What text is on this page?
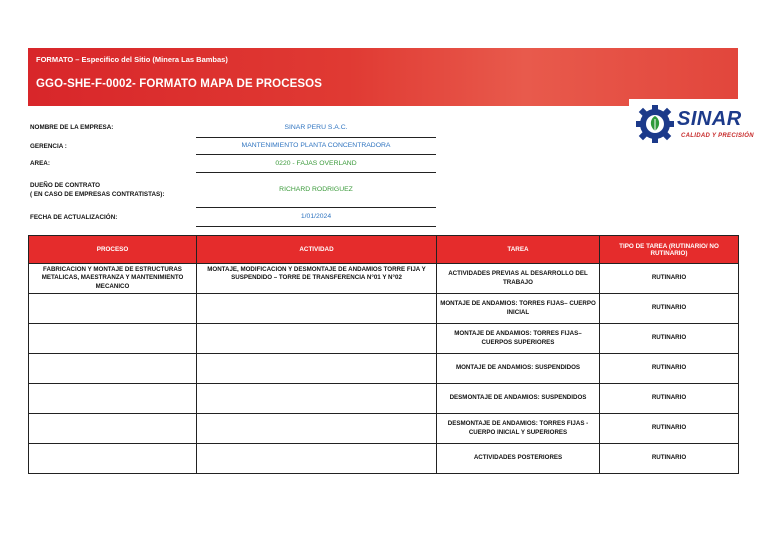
FORMATO – Especifico del Sitio (Minera Las Bambas)
GGO-SHE-F-0002- FORMATO MAPA DE PROCESOS
SINAR
CALIDAD Y PRECISIÓN
NOMBRE DE LA EMPRESA:	SINAR PERU S.A.C.
GERENCIA :	MANTENIMIENTO PLANTA CONCENTRADORA
AREA:	0220 - FAJAS OVERLAND
DUEÑO DE CONTRATO
( EN CASO DE EMPRESAS CONTRATISTAS):
RICHARD RODRIGUEZ
FECHA DE ACTUALIZACIÓN:	1/01/2024
PROCESO	ACTIVIDAD	TAREA	TIPO DE TAREA (RUTINARIO/ NO RUTINARIO)
FABRICACION Y MONTAJE DE ESTRUCTURAS METALICAS, MAESTRANZA Y MANTENIMIENTO MECANICO	MONTAJE, MODIFICACION Y DESMONTAJE DE ANDAMIOS TORRE FIJA Y SUSPENDIDO – TORRE DE TRANSFERENCIA N°01 Y N°02	ACTIVIDADES PREVIAS AL DESARROLLO DEL TRABAJO	RUTINARIO
		MONTAJE DE ANDAMIOS: TORRES FIJAS– CUERPO INICIAL	RUTINARIO
		MONTAJE DE ANDAMIOS: TORRES FIJAS– CUERPOS SUPERIORES	RUTINARIO
		MONTAJE DE ANDAMIOS: SUSPENDIDOS	RUTINARIO
		DESMONTAJE DE ANDAMIOS: SUSPENDIDOS	RUTINARIO
		DESMONTAJE DE ANDAMIOS: TORRES FIJAS - CUERPO INICIAL Y SUPERIORES	RUTINARIO
		ACTIVIDADES POSTERIORES	RUTINARIO
